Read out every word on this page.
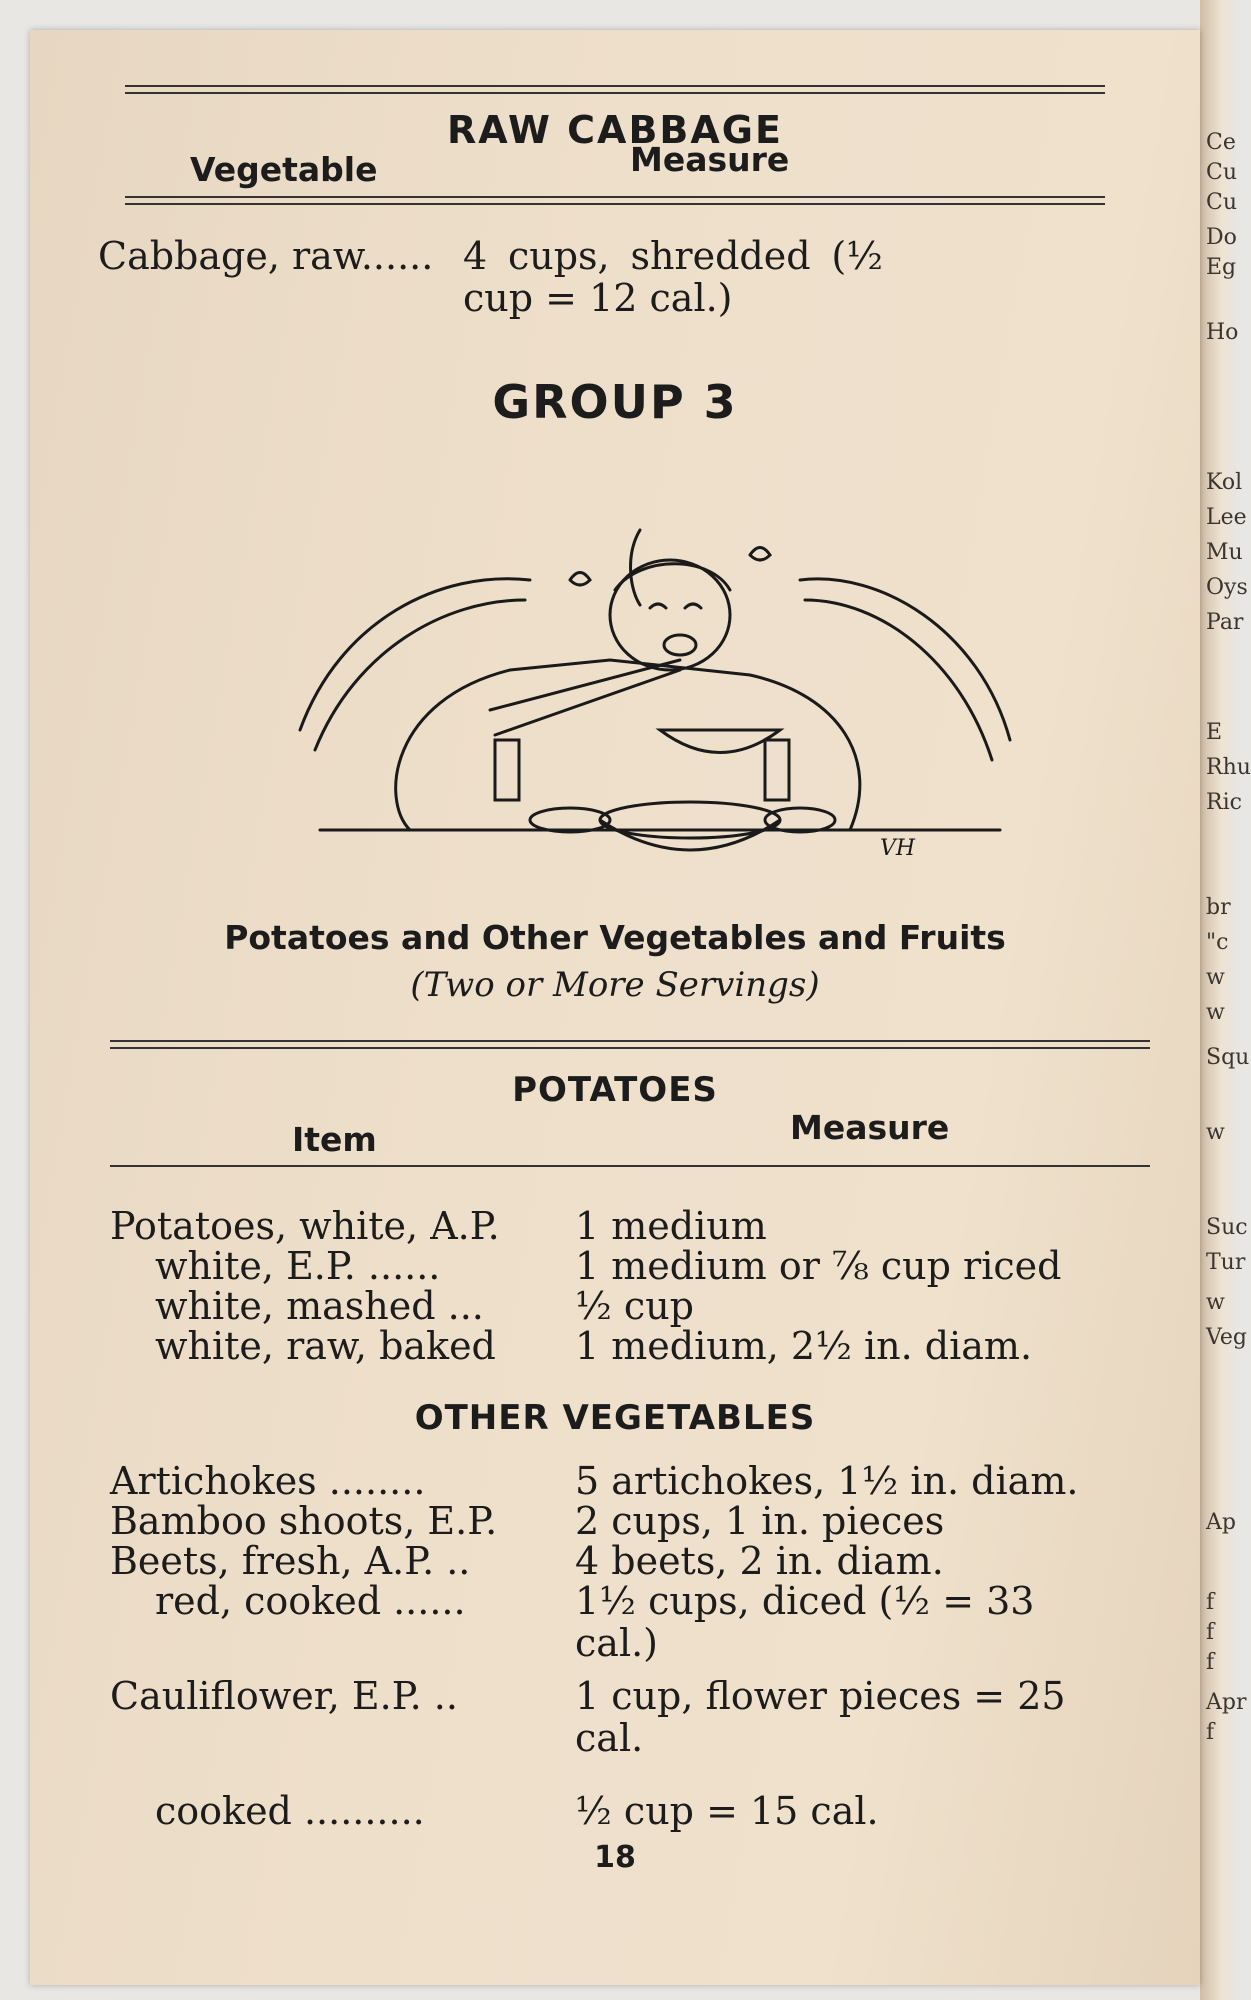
RAW CABBAGE
Vegetable	Measure
Cabbage, raw...... 4 cups, shredded (½ cup = 12 cal.)
GROUP 3
VH
Potatoes and Other Vegetables and Fruits
(Two or More Servings)
POTATOES
Item	Measure
Potatoes, white, A.P. 1 medium
white, E.P. ......	1 medium or ⅞ cup riced
white, mashed ... ½ cup
white, raw, baked 1 medium, 2½ in. diam.
OTHER VEGETABLES
Artichokes ........	5 artichokes, 1½ in. diam.
Bamboo shoots, E.P. 2 cups, 1 in. pieces
Beets, fresh, A.P. ..	4 beets, 2 in. diam.
red, cooked ......	1½ cups, diced (½ = 33 cal.)
Cauliflower, E.P. ..	1 cup, flower pieces = 25 cal.
cooked ..........	½ cup = 15 cal.
18
Ce
Cu
Cu
Do
Eg
Ho
Kol
Lee
Mu
Oys
Par
E
Rhu
Ric
br
"c
w
w
Squ
w
Suc
Tur
w
Veg
Ap
f
f
f
Apr
f
